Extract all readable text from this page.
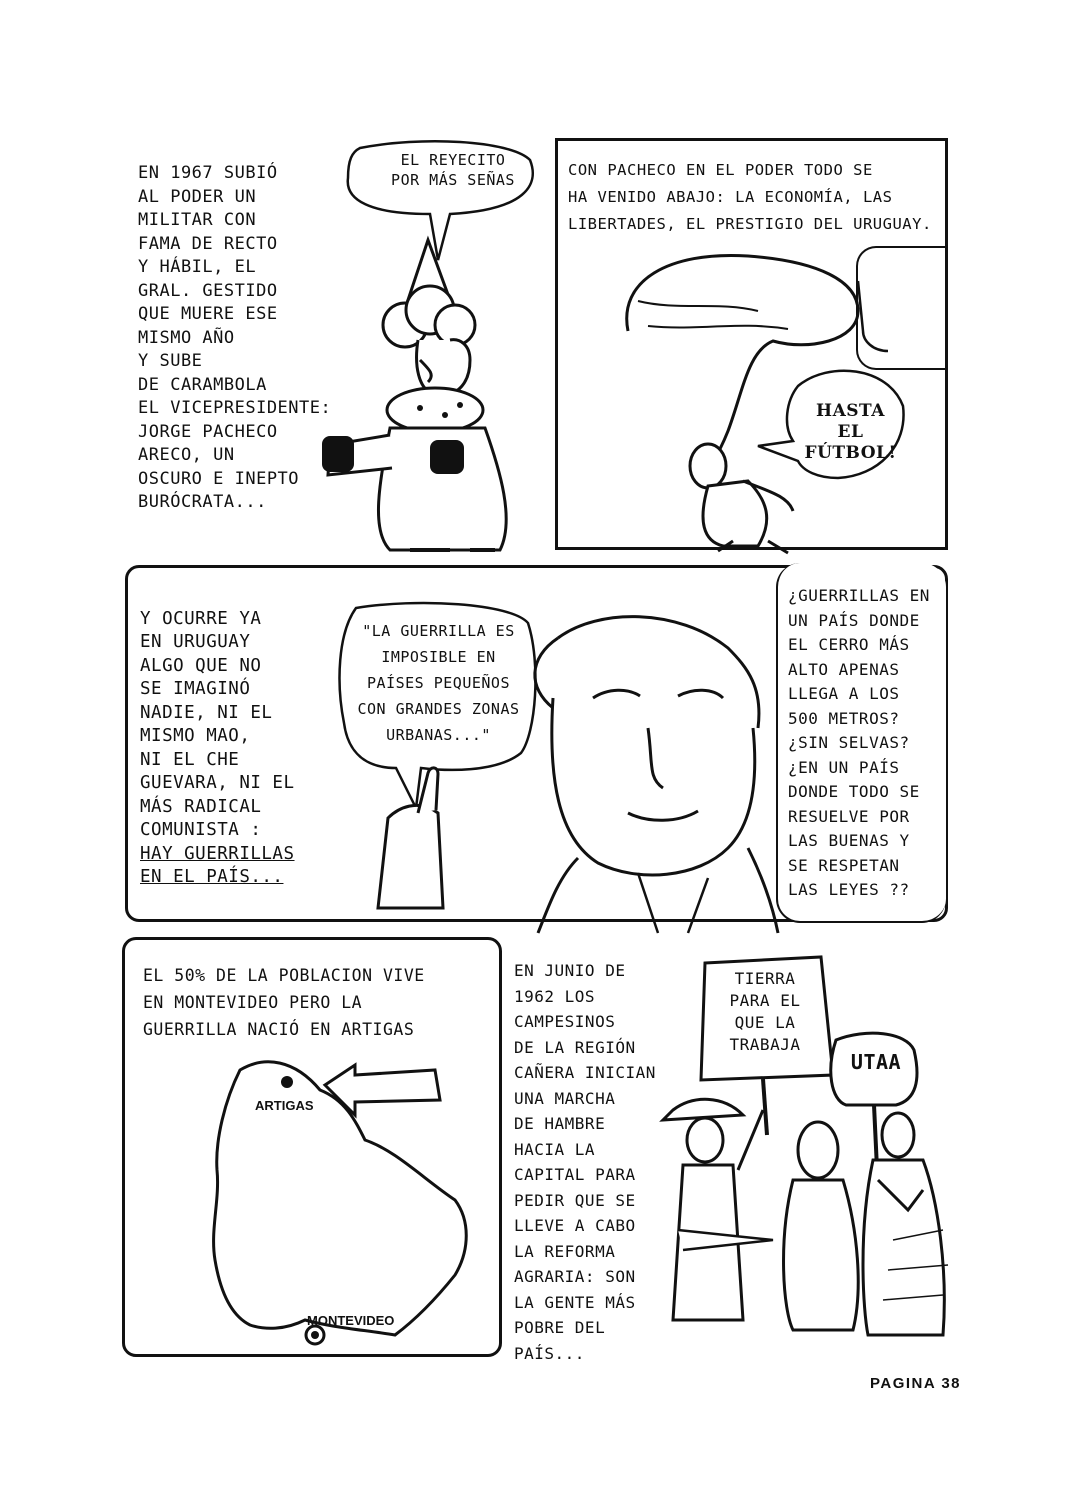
EN 1967 SUBIÓ
AL PODER UN
MILITAR CON
FAMA DE RECTO
Y HÁBIL, EL
GRAL. GESTIDO
QUE MUERE ESE
MISMO AÑO
Y SUBE
DE CARAMBOLA
EL VICEPRESIDENTE:
JORGE PACHECO
ARECO, UN
OSCURO E INEPTO
BURÓCRATA...
EL REYECITO
POR MÁS SEÑAS
CON PACHECO EN EL PODER TODO SE
HA VENIDO ABAJO: LA ECONOMÍA, LAS
LIBERTADES, EL PRESTIGIO DEL URUGUAY.
HASTA
EL
FÚTBOL!

Y OCURRE YA
EN URUGUAY
ALGO QUE NO
SE IMAGINÓ
NADIE, NI EL
MISMO MAO,
NI EL CHE
GUEVARA, NI EL
MÁS RADICAL
COMUNISTA :

HAY GUERRILLAS
EN EL PAÍS...

"LA GUERRILLA ES
IMPOSIBLE EN
PAÍSES PEQUEÑOS
CON GRANDES ZONAS
URBANAS..."
¿GUERRILLAS EN
UN PAÍS DONDE
EL CERRO MÁS
ALTO APENAS
LLEGA A LOS
500 METROS?
¿SIN SELVAS?
¿EN UN PAÍS
DONDE TODO SE
RESUELVE POR
LAS BUENAS Y
SE RESPETAN
LAS LEYES ??
EL 50% DE LA POBLACION VIVE
EN MONTEVIDEO PERO LA
GUERRILLA NACIÓ EN ARTIGAS
ARTIGAS
MONTEVIDEO
EN JUNIO DE
1962 LOS
CAMPESINOS
DE LA REGIÓN
CAÑERA INICIAN
UNA MARCHA
DE HAMBRE
HACIA LA
CAPITAL PARA
PEDIR QUE SE
LLEVE A CABO
LA REFORMA
AGRARIA: SON
LA GENTE MÁS
POBRE DEL PAÍS...
TIERRA
PARA EL
QUE LA
TRABAJA
UTAA
PAGINA 38
